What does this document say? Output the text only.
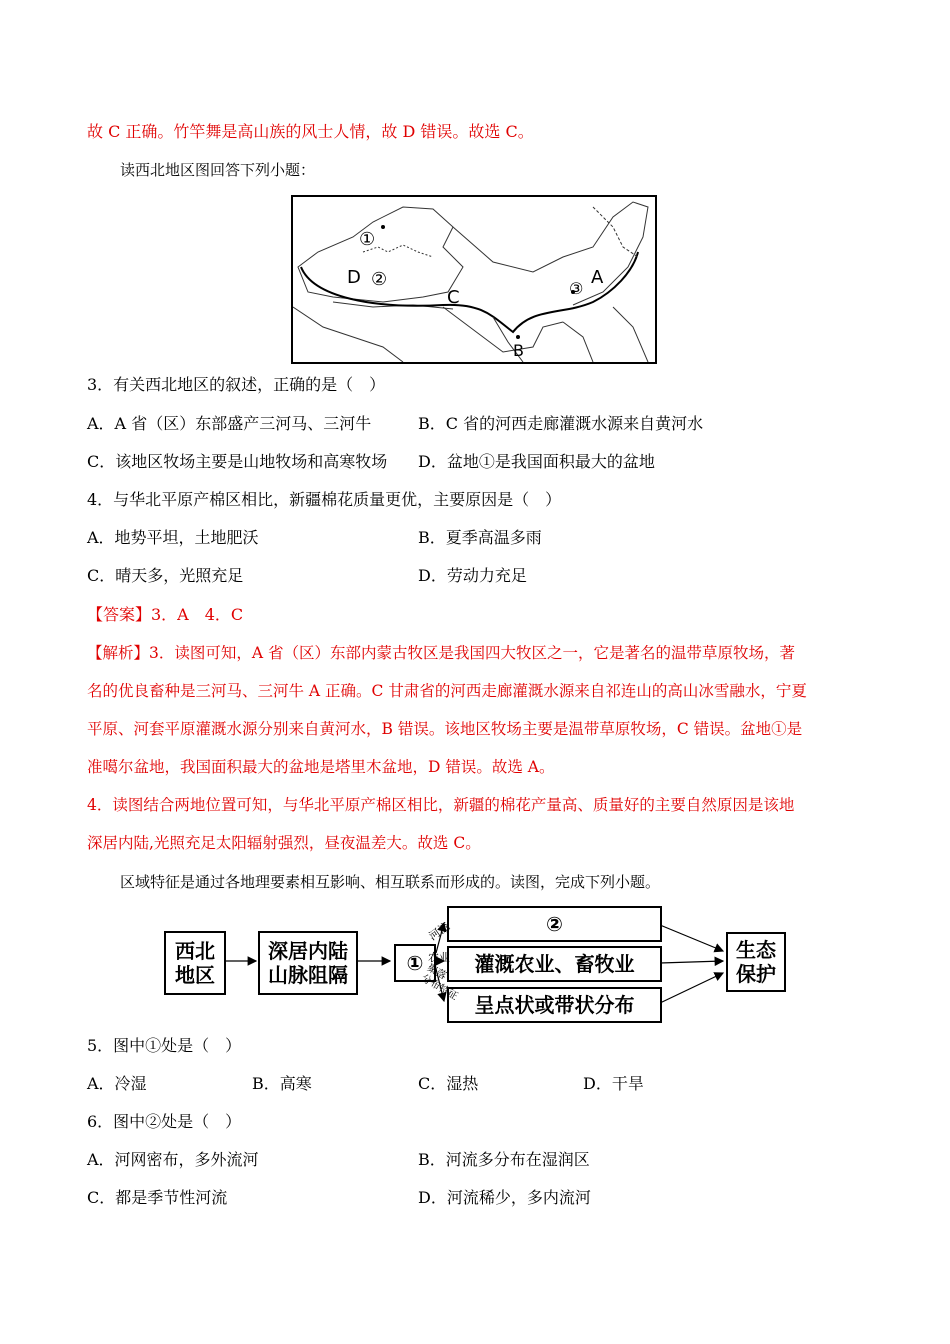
故 C 正确。竹竿舞是高山族的风士人情，故 D 错误。故选 C。
读西北地区图回答下列小题：
①
D ②
C
A
③
B
3．有关西北地区的叙述，正确的是（　）
A．A 省（区）东部盛产三河马、三河牛	B．C 省的河西走廊灌溉水源来自黄河水
C．该地区牧场主要是山地牧场和高寒牧场 D．盆地①是我国面积最大的盆地
4．与华北平原产棉区相比，新疆棉花质量更优，主要原因是（　）
A．地势平坦，土地肥沃	B．夏季高温多雨
C．晴天多，光照充足	D．劳动力充足
【答案】3．A　4．C
【解析】3．读图可知，A 省（区）东部内蒙古牧区是我国四大牧区之一，它是著名的温带草原牧场，著
名的优良畜种是三河马、三河牛 A 正确。C 甘肃省的河西走廊灌溉水源来自祁连山的高山冰雪融水，宁夏
平原、河套平原灌溉水源分别来自黄河水，B 错误。该地区牧场主要是温带草原牧场，C 错误。盆地①是
准噶尔盆地，我国面积最大的盆地是塔里木盆地，D 错误。故选 A。
4．读图结合两地位置可知，与华北平原产棉区相比，新疆的棉花产量高、质量好的主要自然原因是该地
深居内陆,光照充足太阳辐射强烈，昼夜温差大。故选 C。
区域特征是通过各地理要素相互影响、相互联系而形成的。读图，完成下列小题。
西北
地区
深居内陆
山脉阻隔	①
②
灌溉农业、畜牧业
呈点状或带状分布
生态
保护
河流
农业
聚落
分布特征
5．图中①处是（　）
A．冷湿	B．高寒	C．湿热	D．干旱
6．图中②处是（　）
A．河网密布，多外流河	B．河流多分布在湿润区
C．都是季节性河流	D．河流稀少，多内流河
